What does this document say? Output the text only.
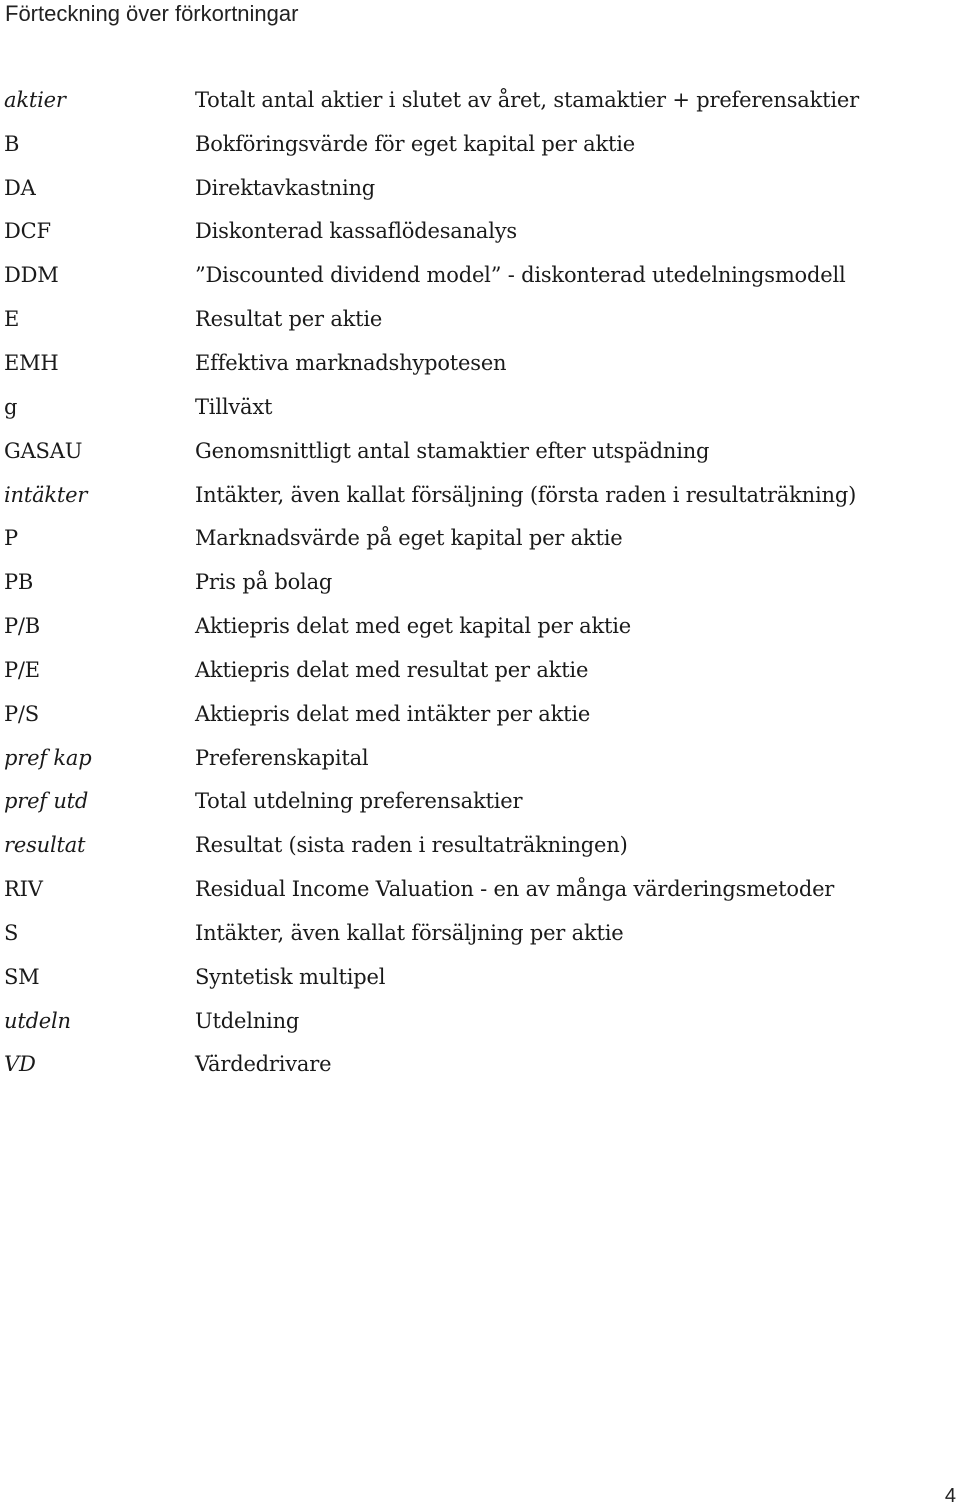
Förteckning över förkortningar
aktier	Totalt antal aktier i slutet av året, stamaktier + preferensaktier
B	Bokföringsvärde för eget kapital per aktie
DA	Direktavkastning
DCF	Diskonterad kassaflödesanalys
DDM	”Discounted dividend model” - diskonterad utedelningsmodell
E	Resultat per aktie
EMH	Effektiva marknadshypotesen
g	Tillväxt
GASAU	Genomsnittligt antal stamaktier efter utspädning
intäkter	Intäkter, även kallat försäljning (första raden i resultaträkning)
P	Marknadsvärde på eget kapital per aktie
PB	Pris på bolag
P/B	Aktiepris delat med eget kapital per aktie
P/E	Aktiepris delat med resultat per aktie
P/S	Aktiepris delat med intäkter per aktie
pref kap	Preferenskapital
pref utd	Total utdelning preferensaktier
resultat	Resultat (sista raden i resultaträkningen)
RIV	Residual Income Valuation - en av många värderingsmetoder
S	Intäkter, även kallat försäljning per aktie
SM	Syntetisk multipel
utdeln	Utdelning
VD	Värdedrivare
4
